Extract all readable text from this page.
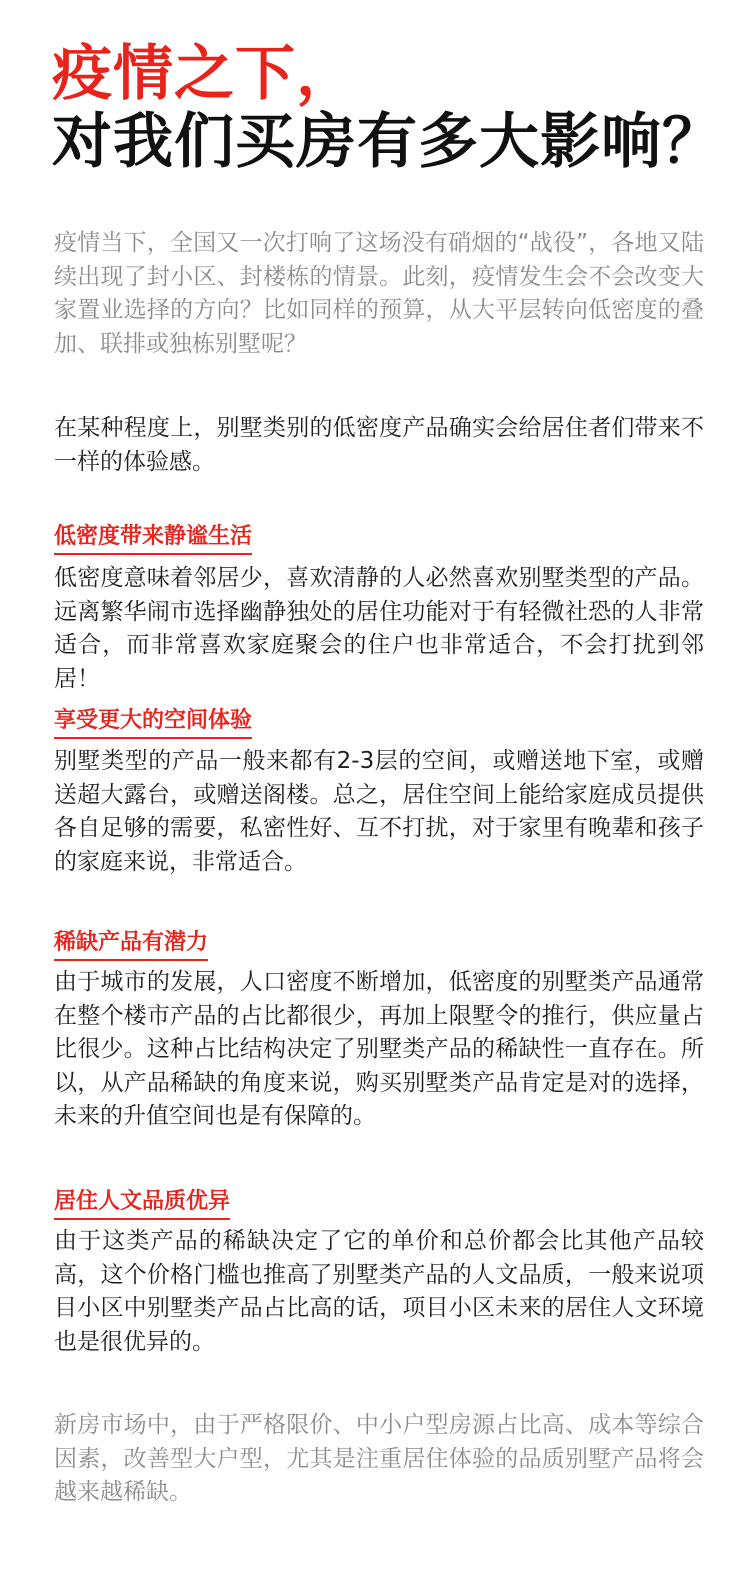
疫情之下，
对我们买房有多大影响？

疫情当下，全国又一次打响了这场没有硝烟的“战役”，各地又陆续出现了封小区、封楼栋的情景。此刻，疫情发生会不会改变大家置业选择的方向？比如同样的预算，从大平层转向低密度的叠加、联排或独栋别墅呢？

在某种程度上，别墅类别的低密度产品确实会给居住者们带来不一样的体验感。

低密度带来静谧生活

低密度意味着邻居少，喜欢清静的人必然喜欢别墅类型的产品。远离繁华闹市选择幽静独处的居住功能对于有轻微社恐的人非常适合，而非常喜欢家庭聚会的住户也非常适合，不会打扰到邻居！

享受更大的空间体验

别墅类型的产品一般来都有2-3层的空间，或赠送地下室，或赠送超大露台，或赠送阁楼。总之，居住空间上能给家庭成员提供各自足够的需要，私密性好、互不打扰，对于家里有晚辈和孩子的家庭来说，非常适合。

稀缺产品有潜力

由于城市的发展，人口密度不断增加，低密度的别墅类产品通常在整个楼市产品的占比都很少，再加上限墅令的推行，供应量占比很少。这种占比结构决定了别墅类产品的稀缺性一直存在。所以，从产品稀缺的角度来说，购买别墅类产品肯定是对的选择，未来的升值空间也是有保障的。

居住人文品质优异

由于这类产品的稀缺决定了它的单价和总价都会比其他产品较高，这个价格门槛也推高了别墅类产品的人文品质，一般来说项目小区中别墅类产品占比高的话，项目小区未来的居住人文环境也是很优异的。

新房市场中，由于严格限价、中小户型房源占比高、成本等综合因素，改善型大户型，尤其是注重居住体验的品质别墅产品将会越来越稀缺。
